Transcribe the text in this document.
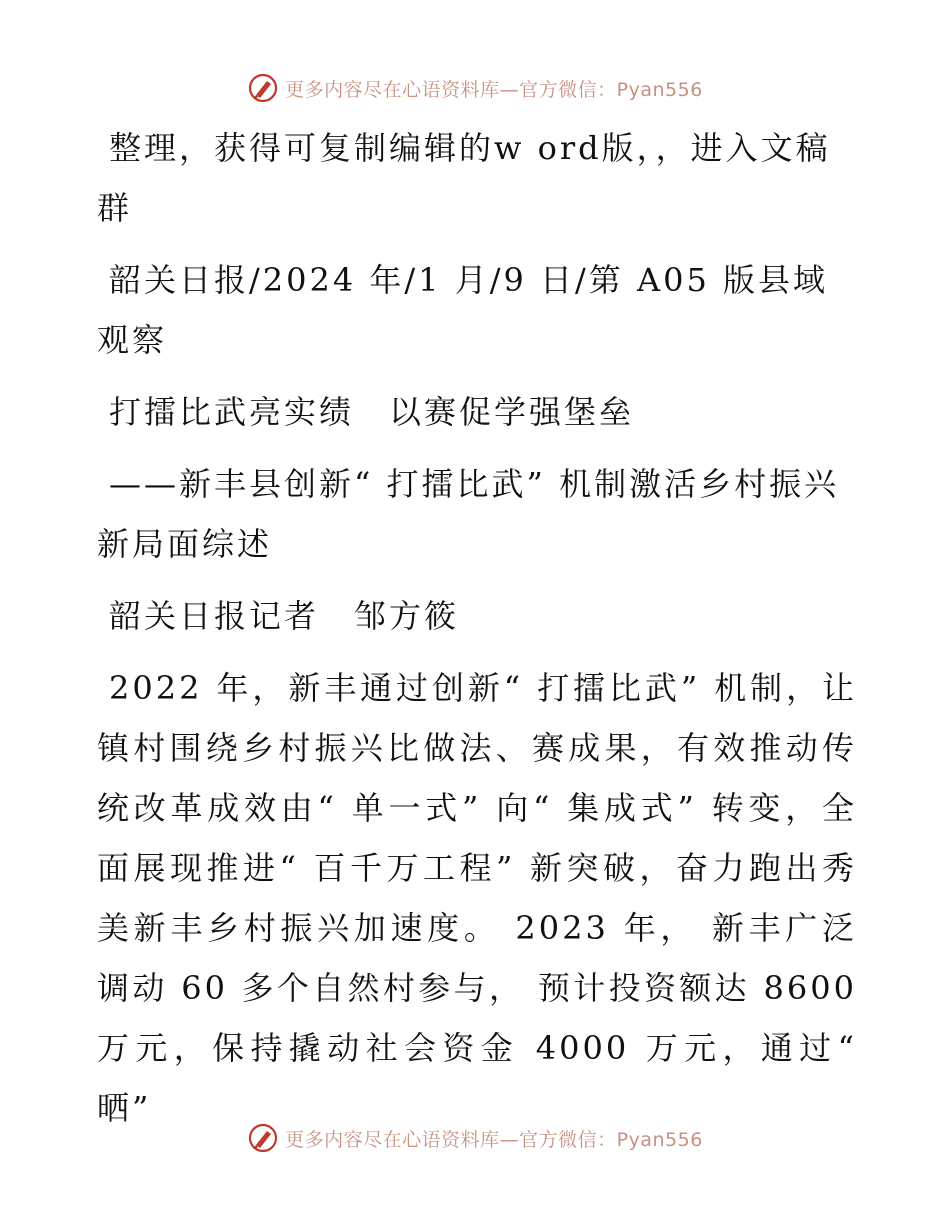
更多内容尽在心语资料库—官方微信：Pyan556

整理，获得可复制编辑的w ord版，，进入文稿群

韶关日报/2024 年/1 月/9 日/第 A05 版县域观察

打擂比武亮实绩　以赛促学强堡垒

——新丰县创新“ 打擂比武” 机制激活乡村振兴新局面综述

韶关日报记者　邹方筱

2022 年，新丰通过创新“ 打擂比武” 机制，让镇村围绕乡村振兴比做法、赛成果，有效推动传统改革成效由“ 单一式” 向“ 集成式” 转变，全面展现推进“ 百千万工程” 新突破，奋力跑出秀美新丰乡村振兴加速度。 2023 年， 新丰广泛调动 60 多个自然村参与， 预计投资额达 8600 万元，保持撬动社会资金 4000 万元，通过“ 晒”

更多内容尽在心语资料库—官方微信：Pyan556
